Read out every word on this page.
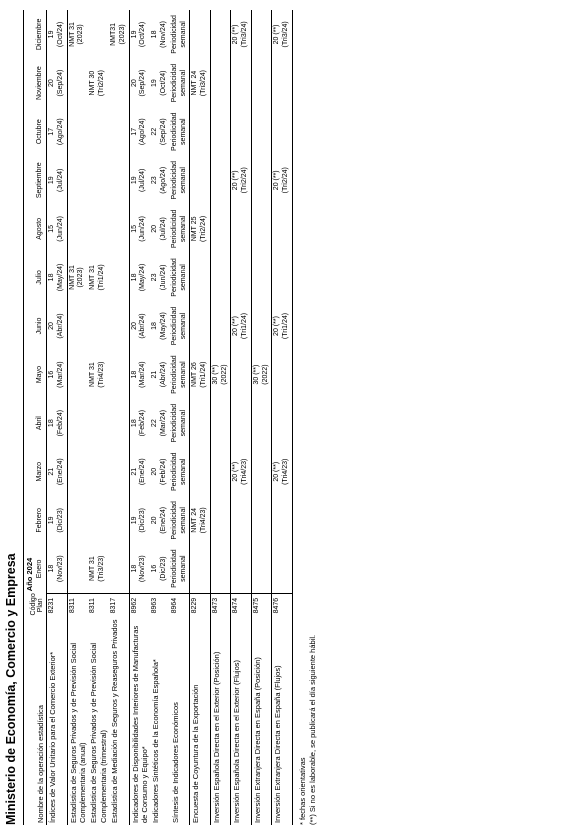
Ministerio de Economía, Comercio y Empresa Nombre de la operación estadística	Código Plan	Año 2024											
		Enero	Febrero	Marzo	Abril	Mayo	Junio	Julio	Agosto	Septiembre	Octubre	Noviembre	Diciembre
Índices de Valor Unitario para el Comercio Exterior*	8231	18 (Nov/23)	19 (Dic/23)	21 (Ene/24)	18 (Feb/24)	16 (Mar/24)	20 (Abr/24)	18 (May/24)	15 (Jun/24)	19 (Jul/24)	17 (Ago/24)	20 (Sep/24)	19 (Oct/24)

Estadística de Seguros Privados y de Previsión Social Complementaria (anual)	8311							NMT 31 (2023)					NMT 31 (2023)

Estadística de Seguros Privados y de Previsión Social Complementaria (trimestral)	8311	NMT 31 (Tri3/23)				NMT 31 (Tri4/23)		NMT 31 (Tri1/24)				NMT 30 (Tri2/24)	

Estadística de Mediación de Seguros y Reaseguros Privados	8317												NMT31 (2023)

Indicadores de Disponibilidades Interiores de Manufacturas de Consumo y Equipo*	8962	18 (Nov/23)	19 (Dic/23)	21 (Ene/24)	18 (Feb/24)	18 (Mar/24)	20 (Abr/24)	18 (May/24)	15 (Jun/24)	19 (Jul/24)	17 (Ago/24)	20 (Sep/24)	19 (Oct/24)

Indicadores Sintéticos de la Economía Española*	8963	16 (Dic/23)	20 (Ene/24)	20 (Feb/24)	22 (Mar/24)	21 (Abr/24)	18 (May/24)	23 (Jun/24)	20 (Jul/24)	23 (Ago/24)	22 (Sep/24)	19 (Oct/24)	18 (Nov/24)

Síntesis de Indicadores Económicos	8964	Periodicidad semanal	Periodicidad semanal	Periodicidad semanal	Periodicidad semanal	Periodicidad semanal	Periodicidad semanal	Periodicidad semanal	Periodicidad semanal	Periodicidad semanal	Periodicidad semanal	Periodicidad semanal	Periodicidad semanal

Encuesta de Coyuntura de la Exportación	8229		NMT 24 (Tri4/23)			NMT 26 (Tri1/24)			NMT 25 (Tri2/24)			NMT 24 (Tri3/24)	

Inversión Española Directa en el Exterior (Posición)	8473					30 (**) (2022)							

Inversión Española Directa en el Exterior (Flujos)	8474			20 (**) (Tri4/23)			20 (**) (Tri1/24)			20 (**) (Tri2/24)			20 (**) (Tri3/24)

Inversión Extranjera Directa en España (Posición)	8475					30 (**) (2022)							

Inversión Extranjera Directa en España (Flujos)	8476			20 (**) (Tri4/23)			20 (**) (Tri1/24)			20 (**) (Tri2/24)			20 (**) (Tri3/24)
* fechas orientativas (**) Si no es laborable, se publicará el día siguiente hábil.
